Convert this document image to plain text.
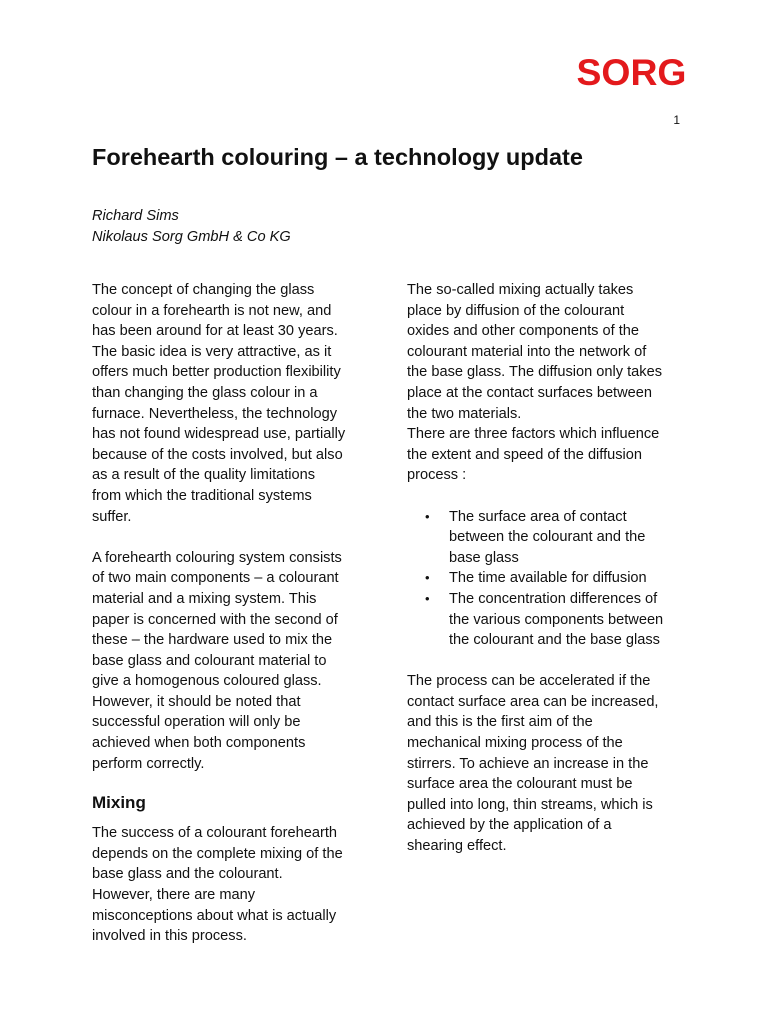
SORG
1
Forehearth colouring – a technology update
Richard Sims
Nikolaus Sorg GmbH & Co KG

The concept of changing the glass
colour in a forehearth is not new, and
has been around for at least 30 years.
The basic idea is very attractive, as it
offers much better production flexibility
than changing the glass colour in a
furnace. Nevertheless, the technology
has not found widespread use, partially
because of the costs involved, but also
as a result of the quality limitations
from which the traditional systems
suffer.

A forehearth colouring system consists
of two main components – a colourant
material and a mixing system. This
paper is concerned with the second of
these – the hardware used to mix the
base glass and colourant material to
give a homogenous coloured glass.
However, it should be noted that
successful operation will only be
achieved when both components
perform correctly.

Mixing

The success of a colourant forehearth
depends on the complete mixing of the
base glass and the colourant.
However, there are many
misconceptions about what is actually
involved in this process.

The so-called mixing actually takes
place by diffusion of the colourant
oxides and other components of the
colourant material into the network of
the base glass. The diffusion only takes
place at the contact surfaces between
the two materials.
There are three factors which influence
the extent and speed of the diffusion
process :

• The surface area of contact
between the colourant and the
base glass
• The time available for diffusion
• The concentration differences of
the various components between
the colourant and the base glass

The process can be accelerated if the
contact surface area can be increased,
and this is the first aim of the
mechanical mixing process of the
stirrers. To achieve an increase in the
surface area the colourant must be
pulled into long, thin streams, which is
achieved by the application of a
shearing effect.
